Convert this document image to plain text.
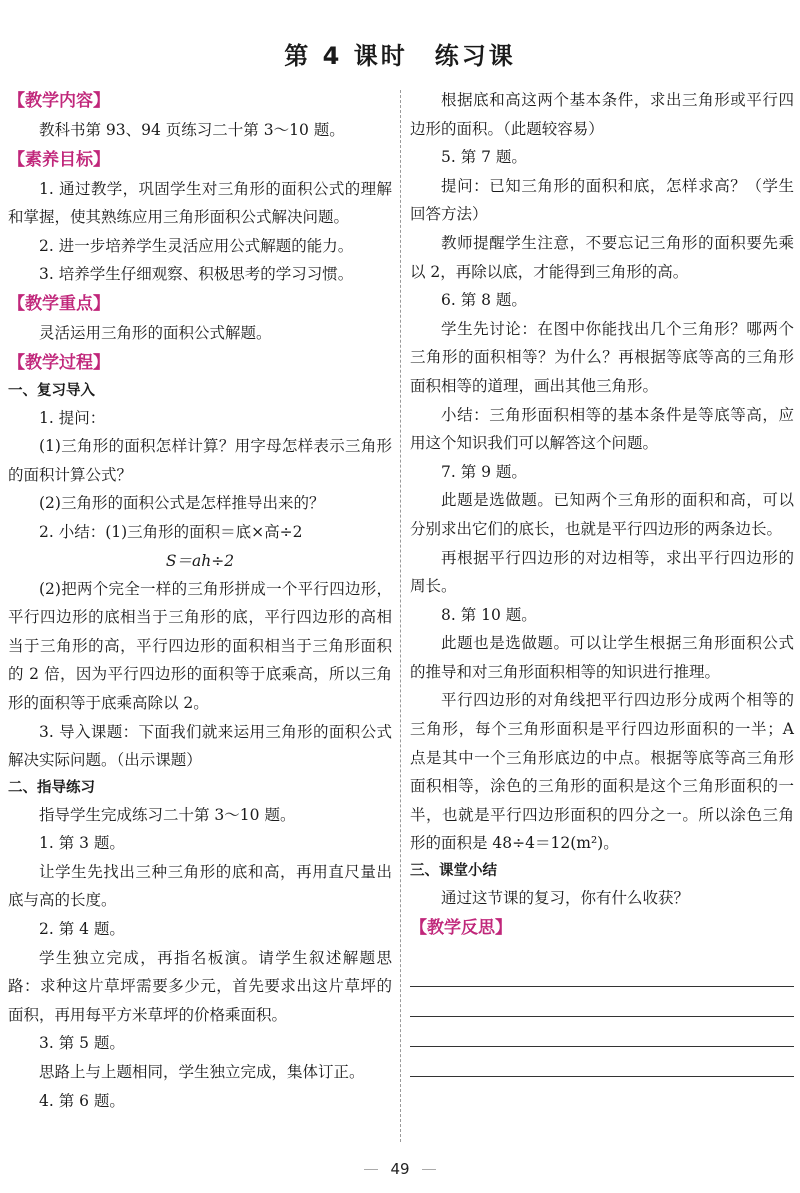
第 4 课时　练习课
【教学内容】

教科书第 93、94 页练习二十第 3～10 题。

【素养目标】

1. 通过教学，巩固学生对三角形的面积公式的理解和掌握，使其熟练应用三角形面积公式解决问题。

2. 进一步培养学生灵活应用公式解题的能力。

3. 培养学生仔细观察、积极思考的学习习惯。

【教学重点】

灵活运用三角形的面积公式解题。

【教学过程】
一、复习导入

1. 提问：

(1)三角形的面积怎样计算？用字母怎样表示三角形的面积计算公式？

(2)三角形的面积公式是怎样推导出来的？

2. 小结：(1)三角形的面积＝底×高÷2

S＝ah÷2

(2)把两个完全一样的三角形拼成一个平行四边形，平行四边形的底相当于三角形的底，平行四边形的高相当于三角形的高，平行四边形的面积相当于三角形面积的 2 倍，因为平行四边形的面积等于底乘高，所以三角形的面积等于底乘高除以 2。

3. 导入课题：下面我们就来运用三角形的面积公式解决实际问题。（出示课题）

二、指导练习

指导学生完成练习二十第 3～10 题。

1. 第 3 题。

让学生先找出三种三角形的底和高，再用直尺量出底与高的长度。

2. 第 4 题。

学生独立完成，再指名板演。请学生叙述解题思路：求种这片草坪需要多少元，首先要求出这片草坪的面积，再用每平方米草坪的价格乘面积。

3. 第 5 题。

思路上与上题相同，学生独立完成，集体订正。

4. 第 6 题。

根据底和高这两个基本条件，求出三角形或平行四边形的面积。（此题较容易）

5. 第 7 题。

提问：已知三角形的面积和底，怎样求高？（学生回答方法）

教师提醒学生注意，不要忘记三角形的面积要先乘以 2，再除以底，才能得到三角形的高。

6. 第 8 题。

学生先讨论：在图中你能找出几个三角形？哪两个三角形的面积相等？为什么？再根据等底等高的三角形面积相等的道理，画出其他三角形。

小结：三角形面积相等的基本条件是等底等高，应用这个知识我们可以解答这个问题。

7. 第 9 题。

此题是选做题。已知两个三角形的面积和高，可以分别求出它们的底长，也就是平行四边形的两条边长。

再根据平行四边形的对边相等，求出平行四边形的周长。

8. 第 10 题。

此题也是选做题。可以让学生根据三角形面积公式的推导和对三角形面积相等的知识进行推理。

平行四边形的对角线把平行四边形分成两个相等的三角形，每个三角形面积是平行四边形面积的一半；A 点是其中一个三角形底边的中点。根据等底等高三角形面积相等，涂色的三角形的面积是这个三角形面积的一半，也就是平行四边形面积的四分之一。所以涂色三角形的面积是 48÷4＝12(m²)。

三、课堂小结

通过这节课的复习，你有什么收获？

【教学反思】
49
